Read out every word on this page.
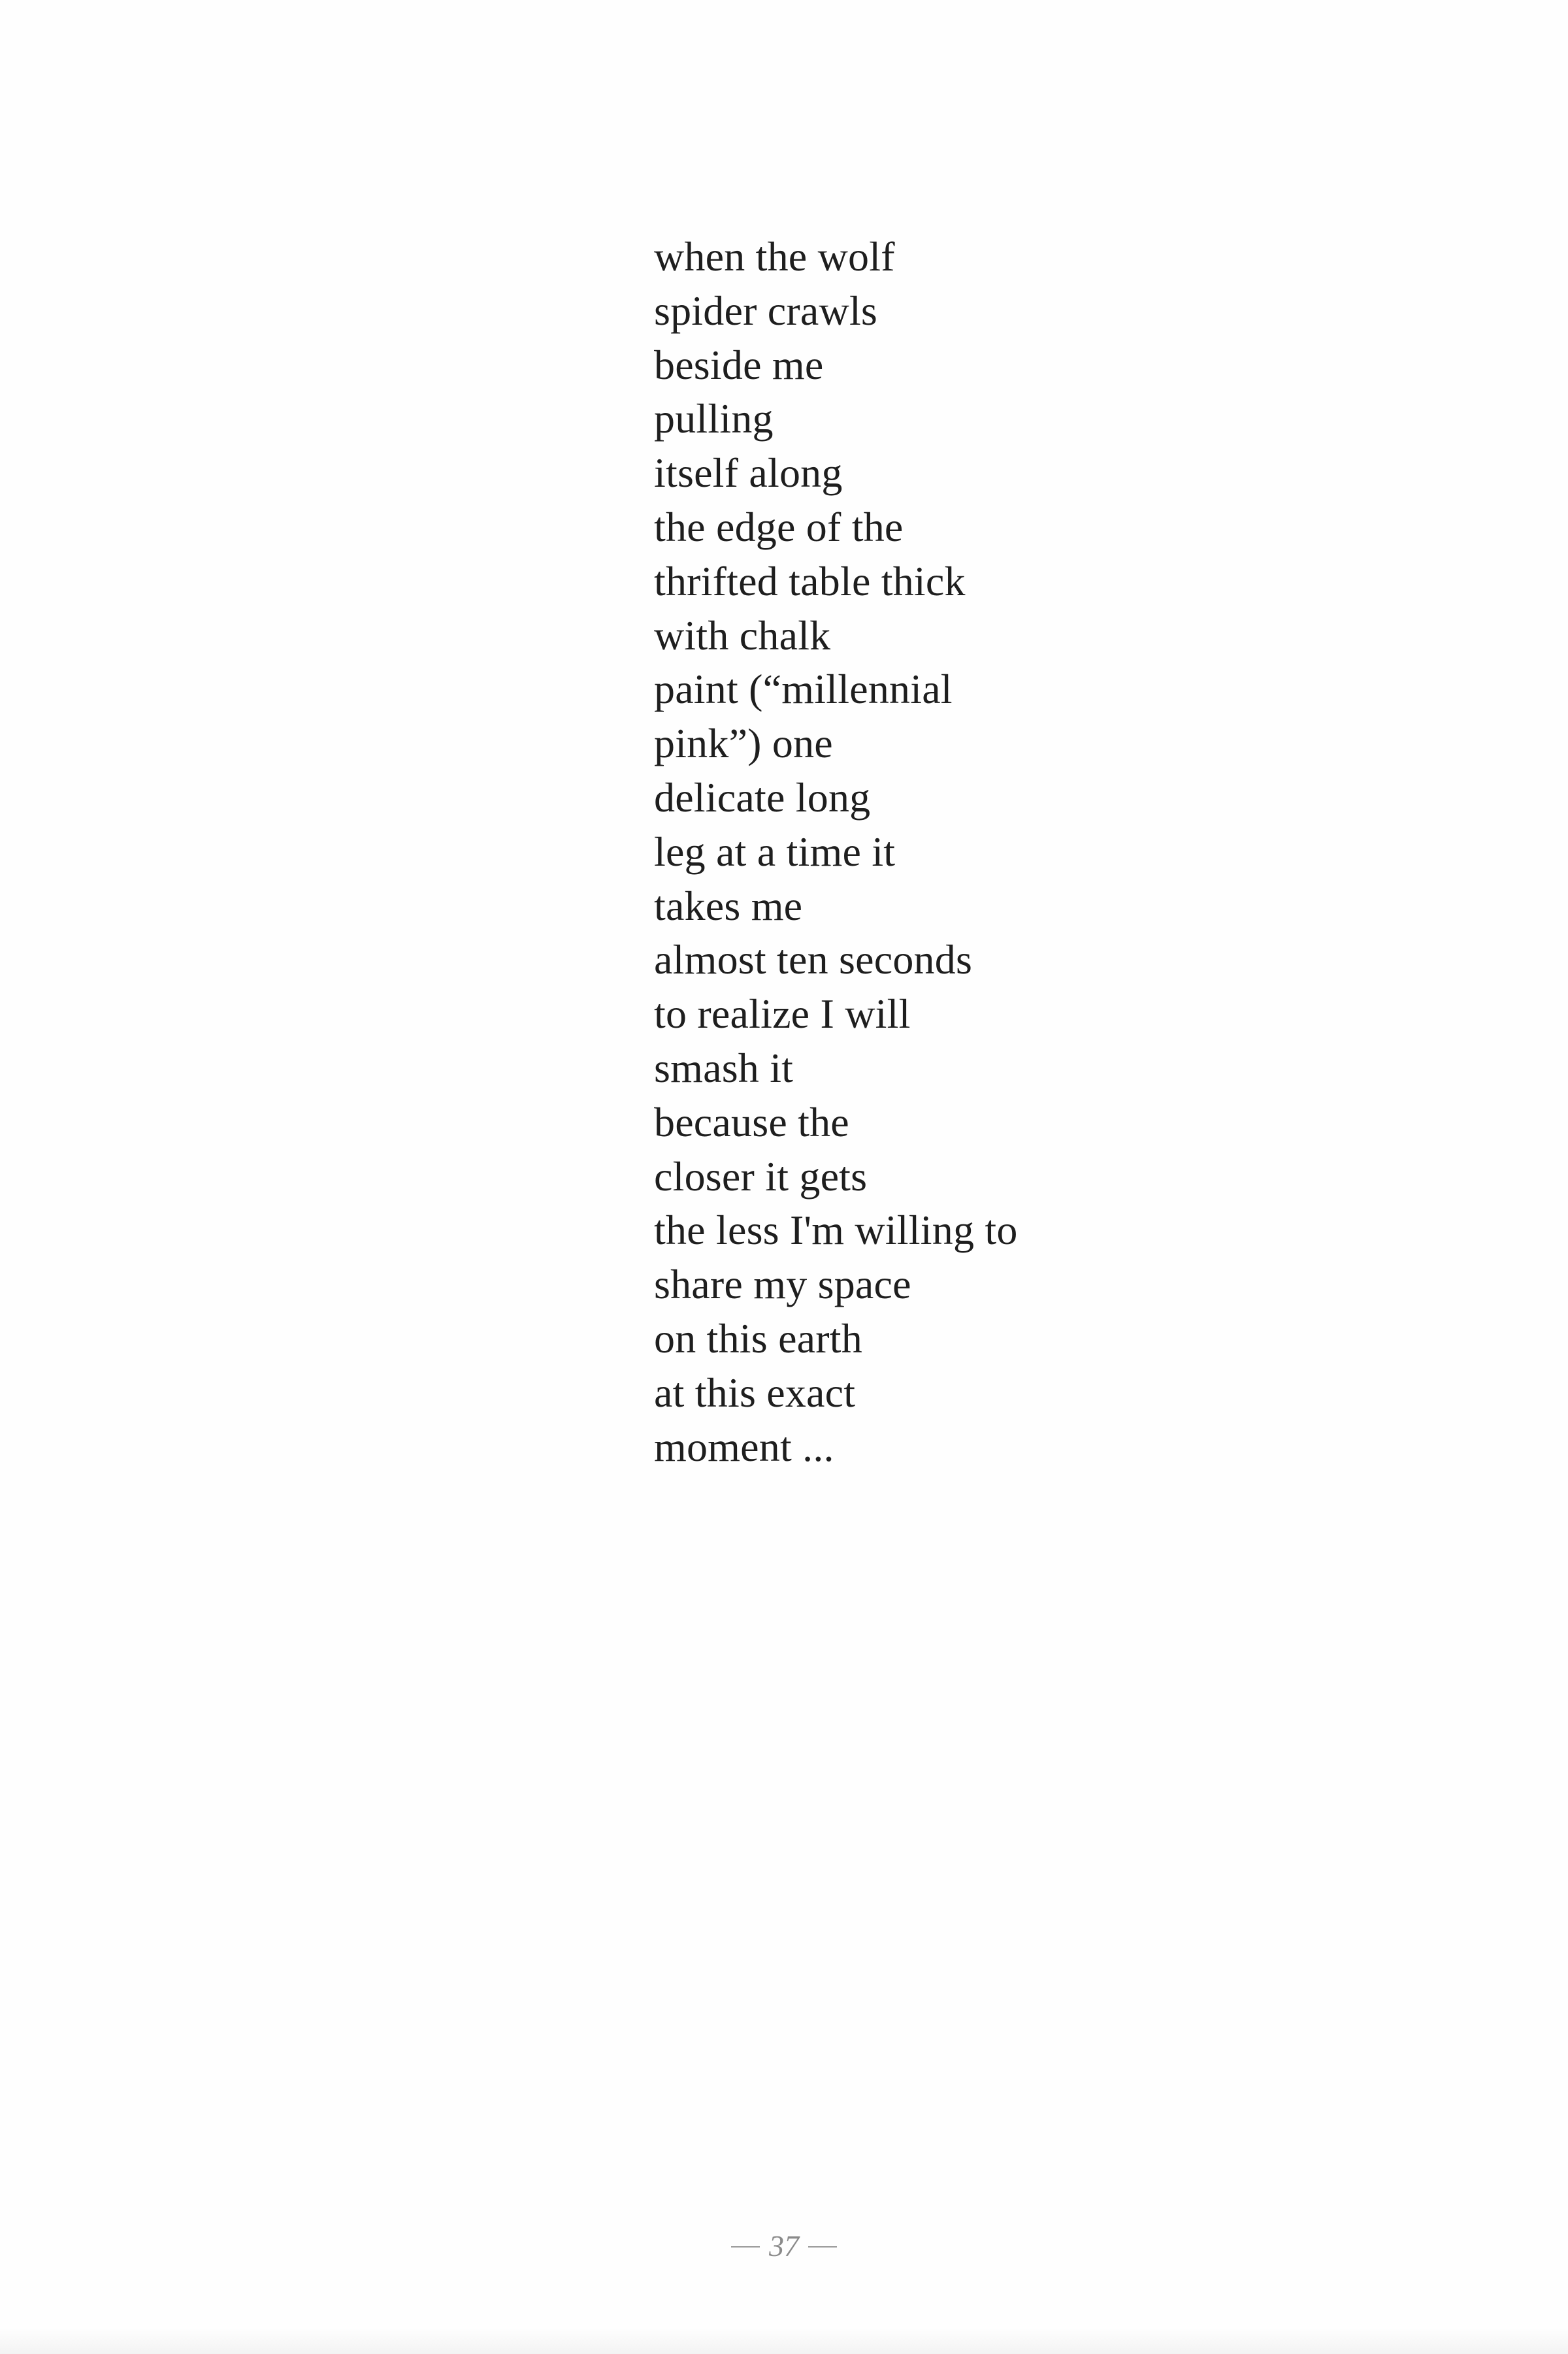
when the wolf
spider crawls
beside me
pulling
itself along
the edge of the
thrifted table thick
with chalk
paint (“millennial
pink”) one
delicate long
leg at a time it
takes me
almost ten seconds
to realize I will
smash it
because the
closer it gets
the less I'm willing to
share my space
on this earth
at this exact
moment ...
37
